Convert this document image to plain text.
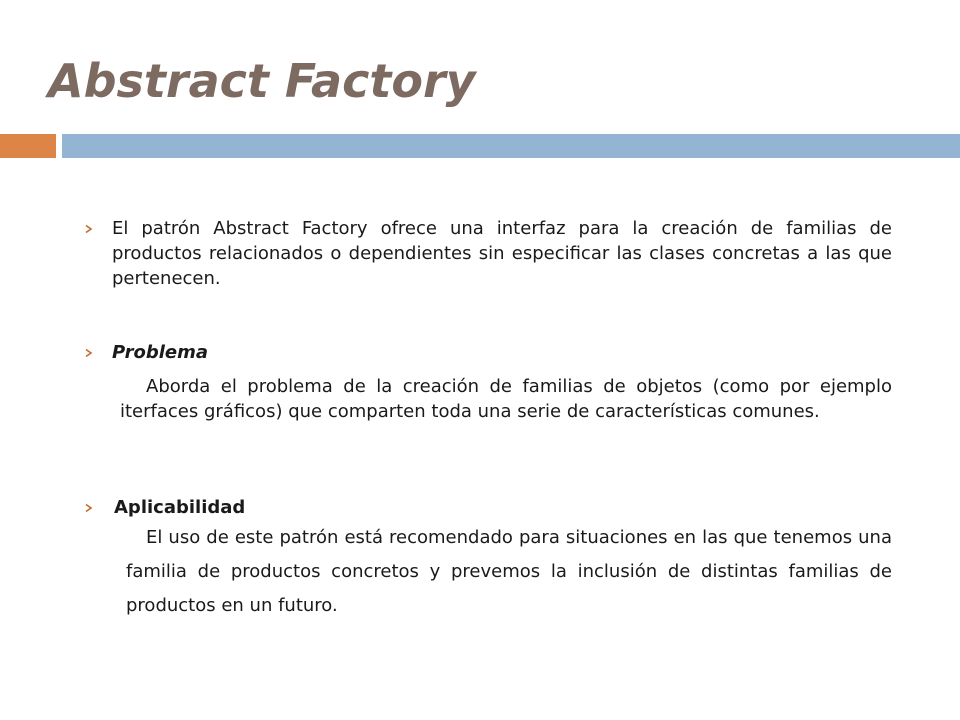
Abstract Factory
El patrón Abstract Factory ofrece una interfaz para la creación de familias de productos relacionados o dependientes sin especificar las clases concretas a las que pertenecen.
Problema
Aborda el problema de la creación de familias de objetos (como por ejemplo iterfaces gráficos) que comparten toda una serie de características comunes.
Aplicabilidad
El uso de este patrón está recomendado para situaciones en las que tenemos una familia de productos concretos y prevemos la inclusión de distintas familias de productos en un futuro.
